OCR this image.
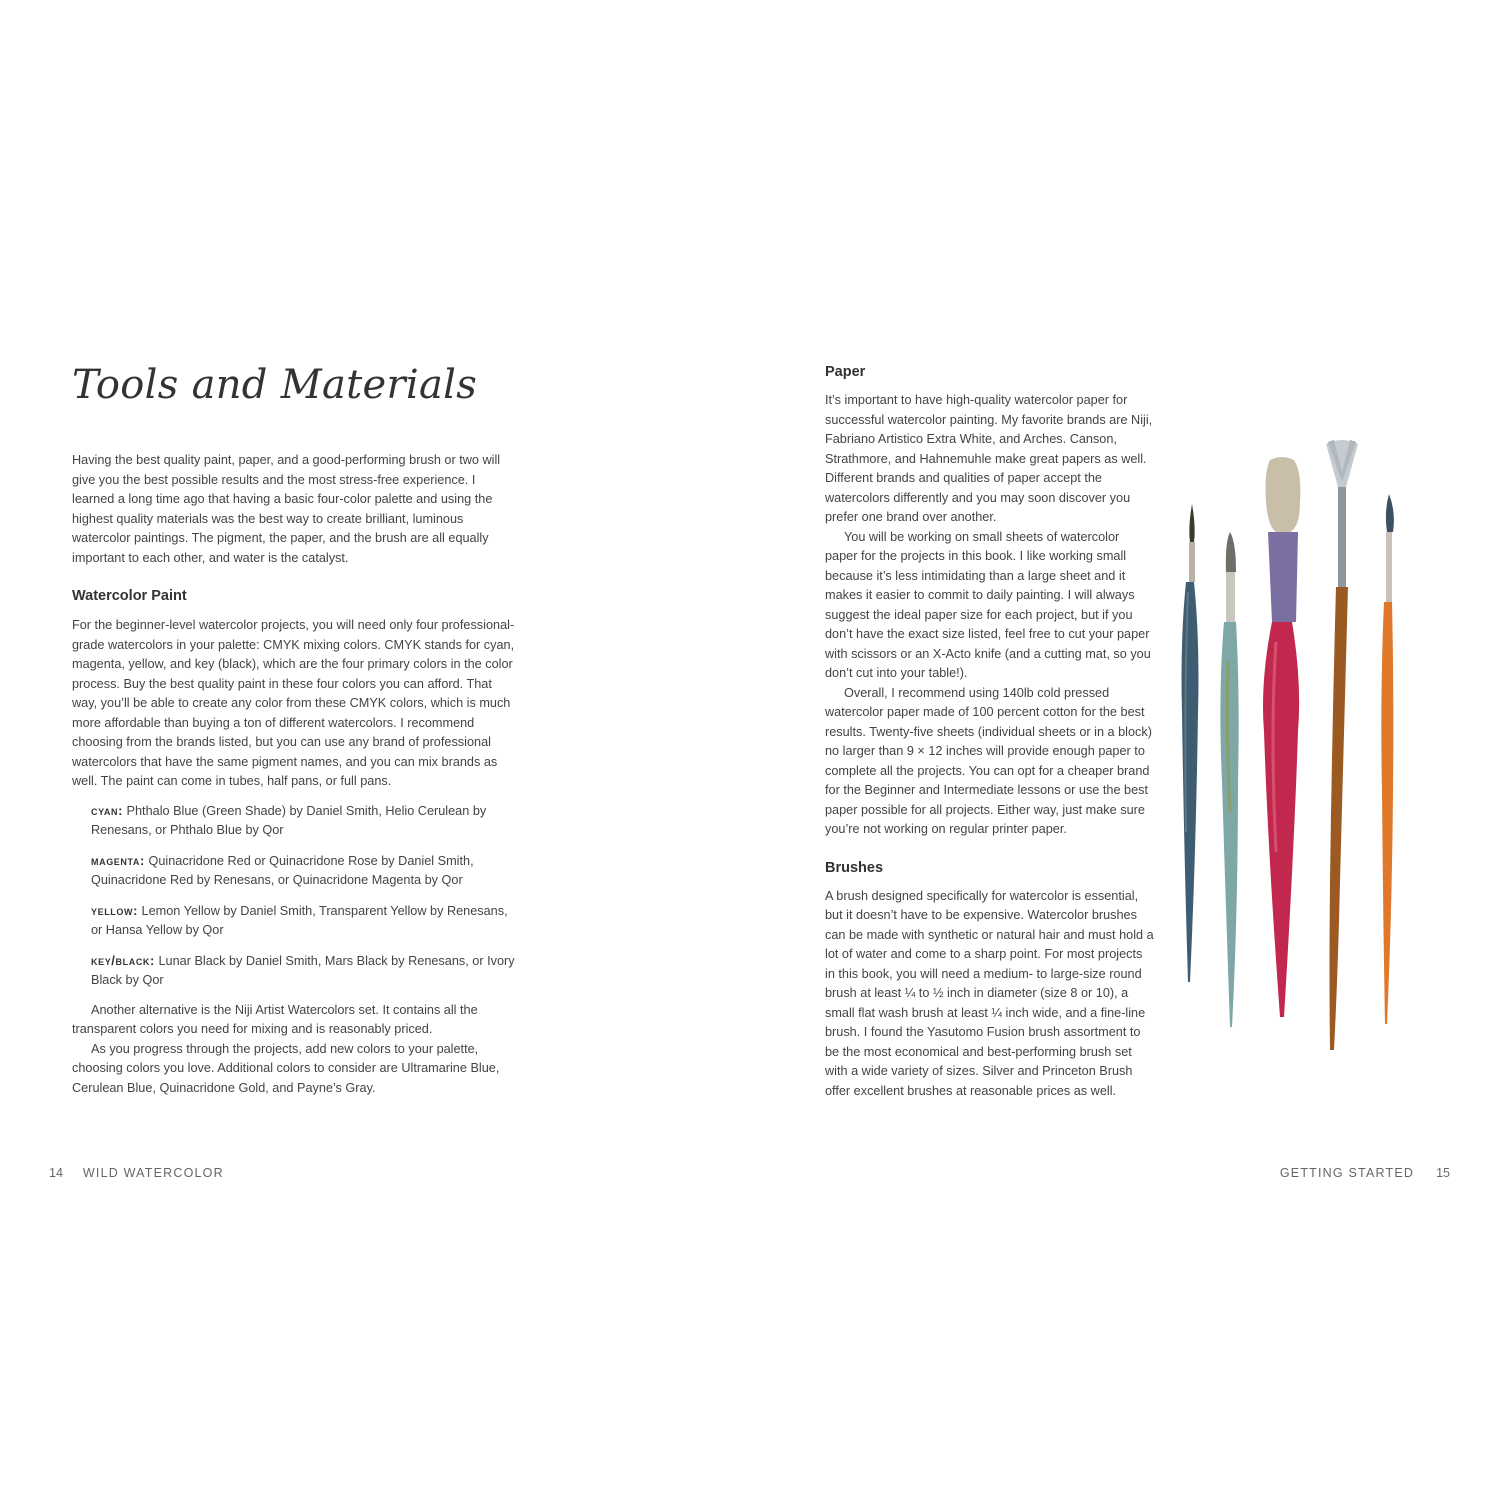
Tools and Materials

Having the best quality paint, paper, and a good-performing brush or two will give you the best possible results and the most stress-free experience. I learned a long time ago that having a basic four-color palette and using the highest quality materials was the best way to create brilliant, luminous watercolor paintings. The pigment, the paper, and the brush are all equally important to each other, and water is the catalyst.

Watercolor Paint

For the beginner-level watercolor projects, you will need only four professional-grade watercolors in your palette: CMYK mixing colors. CMYK stands for cyan, magenta, yellow, and key (black), which are the four primary colors in the color process. Buy the best quality paint in these four colors you can afford. That way, you’ll be able to create any color from these CMYK colors, which is much more affordable than buying a ton of different watercolors. I recommend choosing from the brands listed, but you can use any brand of professional watercolors that have the same pigment names, and you can mix brands as well. The paint can come in tubes, half pans, or full pans.

cyan: Phthalo Blue (Green Shade) by Daniel Smith, Helio Cerulean by Renesans, or Phthalo Blue by Qor
magenta: Quinacridone Red or Quinacridone Rose by Daniel Smith, Quinacridone Red by Renesans, or Quinacridone Magenta by Qor
yellow: Lemon Yellow by Daniel Smith, Transparent Yellow by Renesans, or Hansa Yellow by Qor
key/black: Lunar Black by Daniel Smith, Mars Black by Renesans, or Ivory Black by Qor

Another alternative is the Niji Artist Watercolors set. It contains all the transparent colors you need for mixing and is reasonably priced.

As you progress through the projects, add new colors to your palette, choosing colors you love. Additional colors to consider are Ultramarine Blue, Cerulean Blue, Quinacridone Gold, and Payne’s Gray.

Paper

It’s important to have high-quality watercolor paper for successful watercolor painting. My favorite brands are Niji, Fabriano Artistico Extra White, and Arches. Canson, Strathmore, and Hahnemuhle make great papers as well. Different brands and qualities of paper accept the watercolors differently and you may soon discover you prefer one brand over another.

You will be working on small sheets of watercolor paper for the projects in this book. I like working small because it’s less intimidating than a large sheet and it makes it easier to commit to daily painting. I will always suggest the ideal paper size for each project, but if you don’t have the exact size listed, feel free to cut your paper with scissors or an X-Acto knife (and a cutting mat, so you don’t cut into your table!).

Overall, I recommend using 140lb cold pressed watercolor paper made of 100 percent cotton for the best results. Twenty-five sheets (individual sheets or in a block) no larger than 9 × 12 inches will provide enough paper to complete all the projects. You can opt for a cheaper brand for the Beginner and Intermediate lessons or use the best paper possible for all projects. Either way, just make sure you’re not working on regular printer paper.

Brushes

A brush designed specifically for watercolor is essential, but it doesn’t have to be expensive. Watercolor brushes can be made with synthetic or natural hair and must hold a lot of water and come to a sharp point. For most projects in this book, you will need a medium- to large-size round brush at least ¼ to ½ inch in diameter (size 8 or 10), a small flat wash brush at least ¼ inch wide, and a fine-line brush. I found the Yasutomo Fusion brush assortment to be the most economical and best-performing brush set with a wide variety of sizes. Silver and Princeton Brush offer excellent brushes at reasonable prices as well.

14 WILD WATERCOLOR	GETTING STARTED 15
